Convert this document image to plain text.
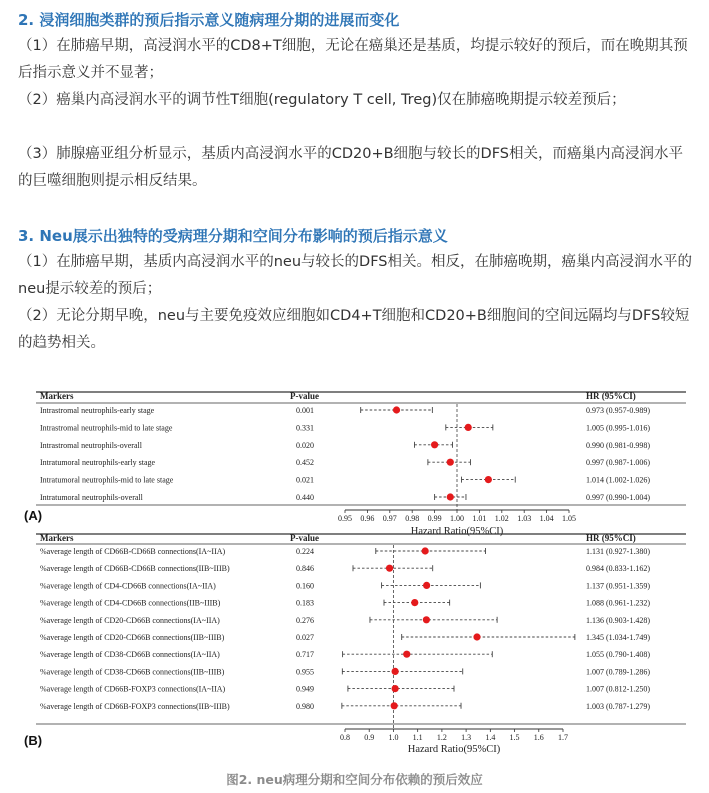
2. 浸润细胞类群的预后指示意义随病理分期的进展而变化
（1）在肺癌早期，高浸润水平的CD8+T细胞，无论在癌巢还是基质，均提示较好的预后，而在晚期其预后指示意义并不显著；
（2）癌巢内高浸润水平的调节性T细胞(regulatory T cell, Treg)仅在肺癌晚期提示较差预后；
（3）肺腺癌亚组分析显示，基质内高浸润水平的CD20+B细胞与较长的DFS相关，而癌巢内高浸润水平的巨噬细胞则提示相反结果。
3. Neu展示出独特的受病理分期和空间分布影响的预后指示意义
（1）在肺癌早期，基质内高浸润水平的neu与较长的DFS相关。相反，在肺癌晚期，癌巢内高浸润水平的neu提示较差的预后；
（2）无论分期早晚，neu与主要免疫效应细胞如CD4+T细胞和CD20+B细胞间的空间远隔均与DFS较短的趋势相关。
Markers	P-value	HR (95%CI)
Intrastromal neutrophils-early stage	0.001	0.973 (0.957-0.989)
Intrastromal neutrophils-mid to late stage	0.331	1.005 (0.995-1.016)
Intrastromal neutrophils-overall	0.020	0.990 (0.981-0.998)
Intratumoral neutrophils-early stage	0.452	0.997 (0.987-1.006)
Intratumoral neutrophils-mid to late stage	0.021	1.014 (1.002-1.026)
Intratumoral neutrophils-overall	0.440	0.997 (0.990-1.004)
0.95 0.96 0.97 0.98 0.99 1.00 1.01 1.02 1.03 1.04 1.05
Hazard Ratio(95%CI)
(A)
Markers	P-value	HR (95%CI)
%average length of CD66B-CD66B connections(IA~IIA)	0.224	1.131 (0.927-1.380)
%average length of CD66B-CD66B connections(IIB~IIIB)	0.846	0.984 (0.833-1.162)
%average length of CD4-CD66B connections(IA~IIA)	0.160	1.137 (0.951-1.359)
%average length of CD4-CD66B connections(IIB~IIIB)	0.183	1.088 (0.961-1.232)
%average length of CD20-CD66B connections(IA~IIA)	0.276	1.136 (0.903-1.428)
%average length of CD20-CD66B connections(IIB~IIIB)	0.027	1.345 (1.034-1.749)
%average length of CD38-CD66B connections(IA~IIA)	0.717	1.055 (0.790-1.408)
%average length of CD38-CD66B connections(IIB~IIIB)	0.955	1.007 (0.789-1.286)
%average length of CD66B-FOXP3 connections(IA~IIA)	0.949	1.007 (0.812-1.250)
%average length of CD66B-FOXP3 connections(IIB~IIIB)	0.980	1.003 (0.787-1.279)
0.8 0.9 1.0 1.1 1.2 1.3 1.4 1.5 1.6 1.7
Hazard Ratio(95%CI)
(B)
图2. neu病理分期和空间分布依赖的预后效应
